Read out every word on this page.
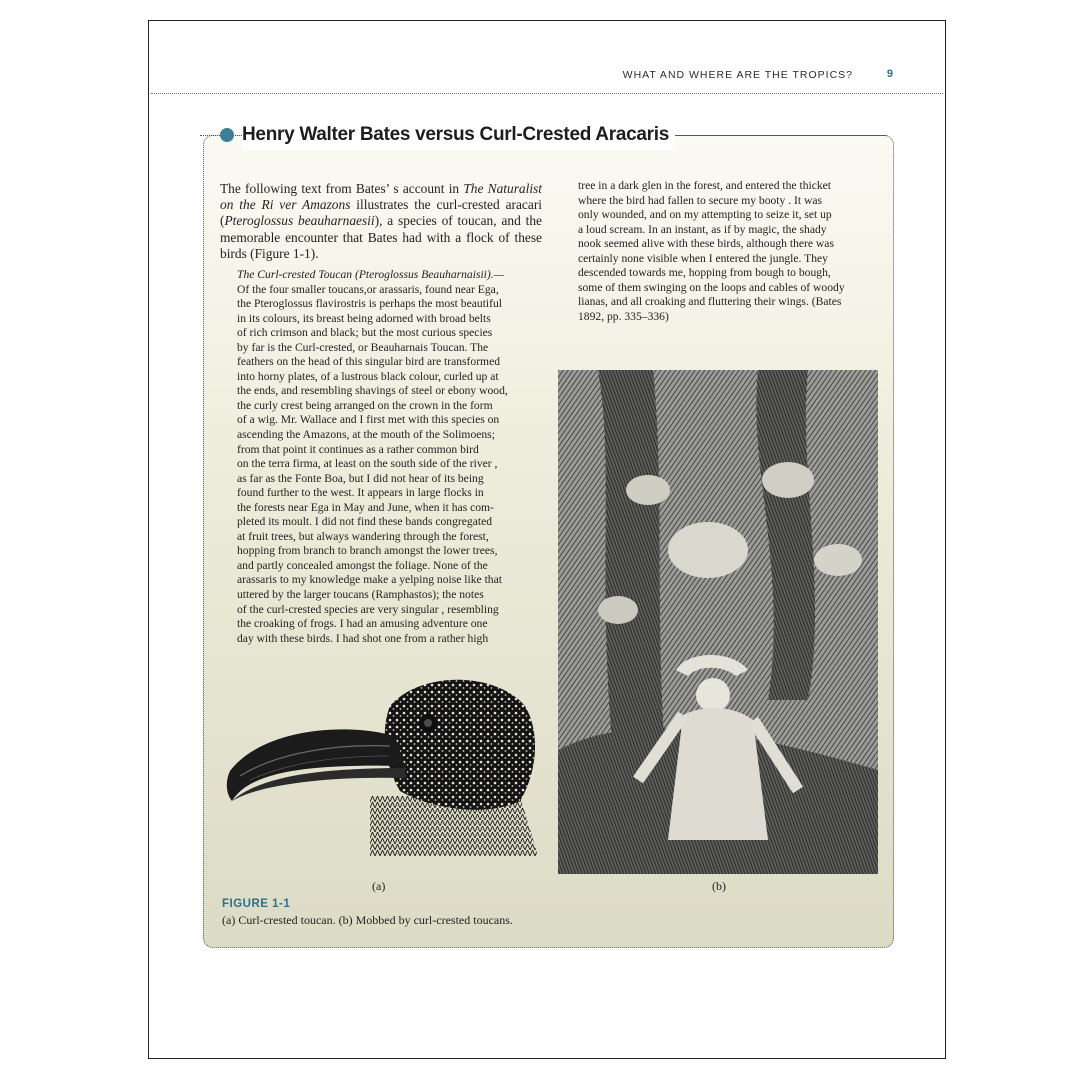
WHAT AND WHERE ARE THE TROPICS?	9
Henry Walter Bates versus Curl-Crested Aracaris
The following text from Bates’ s account in The Naturalist on the Ri ver Amazons illustrates the curl-crested aracari (Pteroglossus beauharnaesii), a species of toucan, and the memorable encounter that Bates had with a flock of these birds (Figure 1-1).
The Curl-crested Toucan (Pteroglossus Beauharnaisii).—
Of the four smaller toucans,or arassaris, found near Ega,
the Pteroglossus flavirostris is perhaps the most beautiful
in its colours, its breast being adorned with broad belts
of rich crimson and black; but the most curious species
by far is the Curl-crested, or Beauharnais Toucan. The
feathers on the head of this singular bird are transformed
into horny plates, of a lustrous black colour, curled up at
the ends, and resembling shavings of steel or ebony wood,
the curly crest being arranged on the crown in the form
of a wig. Mr. Wallace and I first met with this species on
ascending the Amazons, at the mouth of the Solimoens;
from that point it continues as a rather common bird
on the terra firma, at least on the south side of the river ,
as far as the Fonte Boa, but I did not hear of its being
found further to the west. It appears in large flocks in
the forests near Ega in May and June, when it has com-
pleted its moult. I did not find these bands congregated
at fruit trees, but always wandering through the forest,
hopping from branch to branch amongst the lower trees,
and partly concealed amongst the foliage. None of the
arassaris to my knowledge make a yelping noise like that
uttered by the larger toucans (Ramphastos); the notes
of the curl-crested species are very singular , resembling
the croaking of frogs. I had an amusing adventure one
day with these birds. I had shot one from a rather high
tree in a dark glen in the forest, and entered the thicket
where the bird had fallen to secure my booty . It was
only wounded, and on my attempting to seize it, set up
a loud scream. In an instant, as if by magic, the shady
nook seemed alive with these birds, although there was
certainly none visible when I entered the jungle. They
descended towards me, hopping from bough to bough,
some of them swinging on the loops and cables of woody
lianas, and all croaking and fluttering their wings. (Bates
1892, pp. 335–336)
(a)	(b)
FIGURE 1-1
(a) Curl-crested toucan. (b) Mobbed by curl-crested toucans.
